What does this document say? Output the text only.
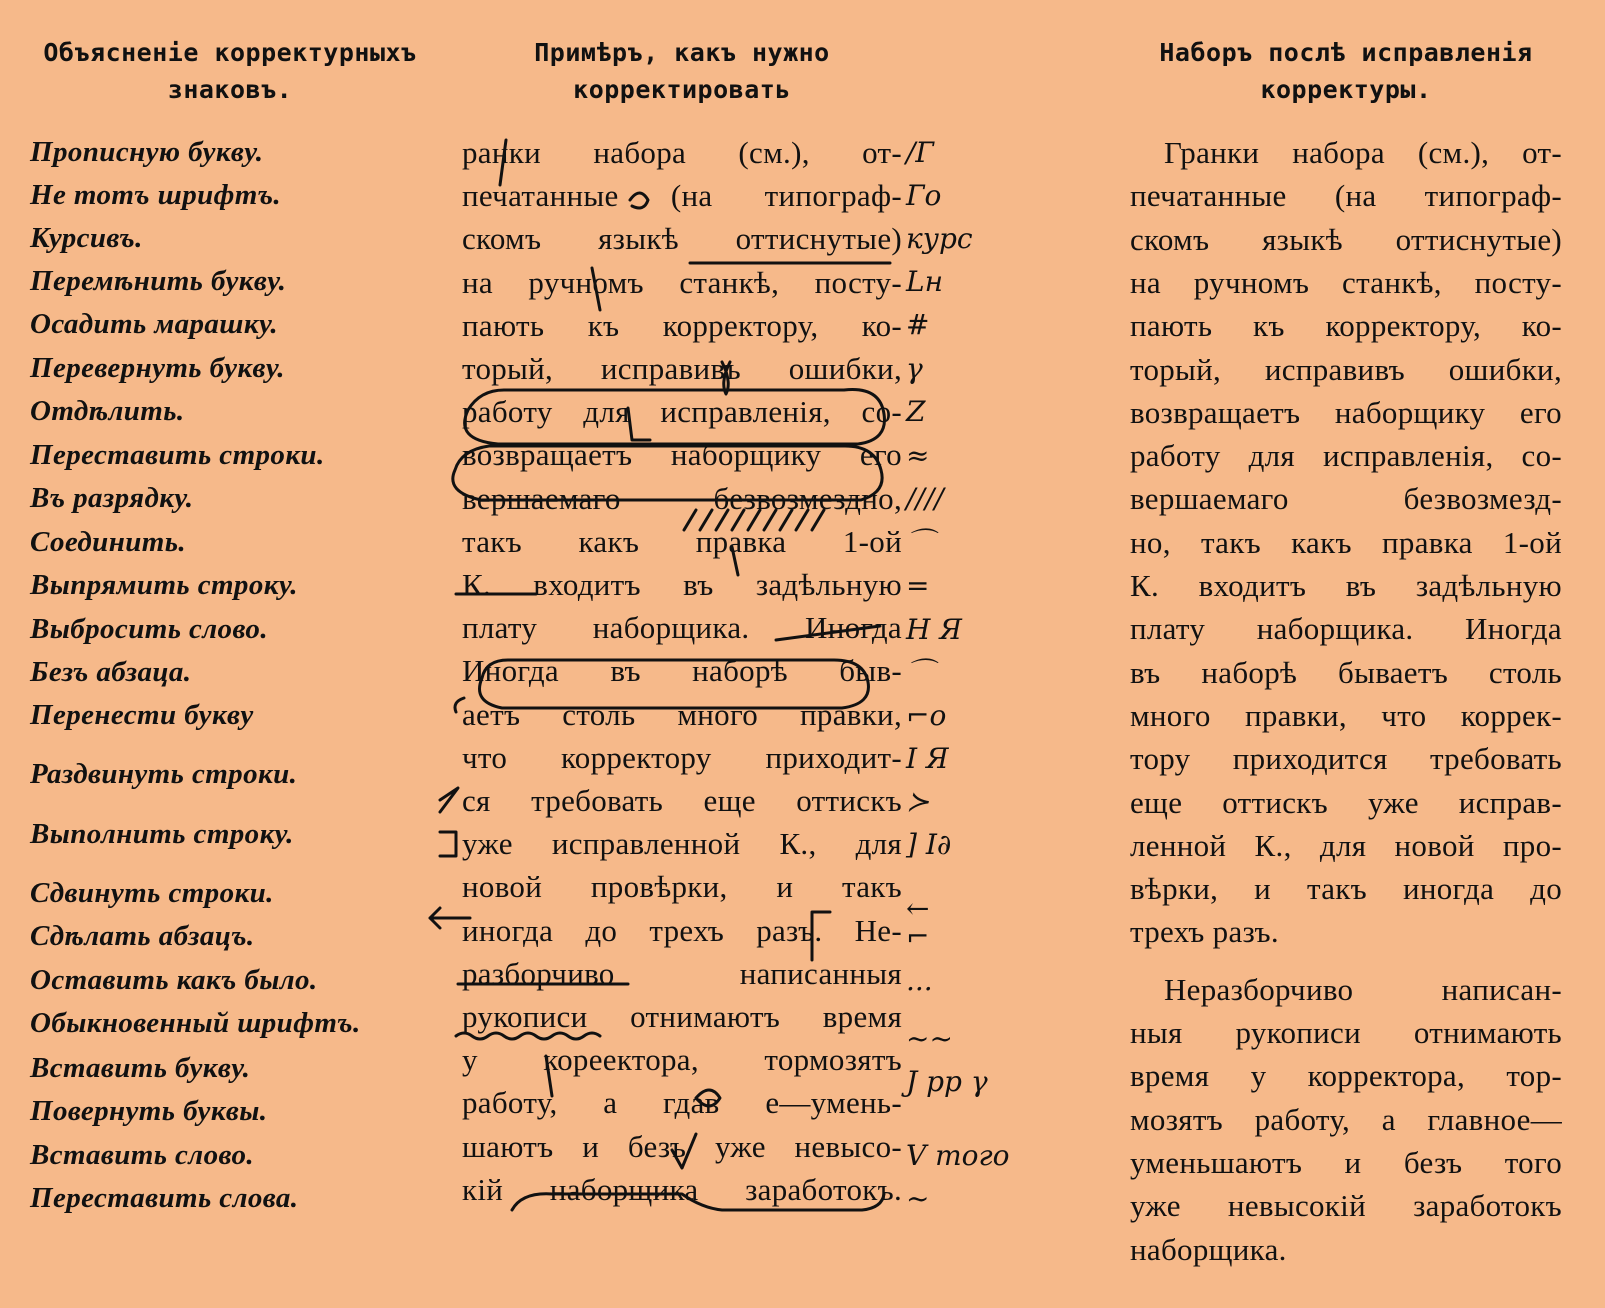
Объясненіе корректурныхъ
знаковъ.
Прописную букву.
Не тотъ шрифтъ.
Курсивъ.
Перемѣнить букву.
Осадить марашку.
Перевернуть букву.
Отдѣлить.
Переставить строки.
Въ разрядку.
Соединить.
Выпрямить строку.
Выбросить слово.
Безъ абзаца.
Перенести букву
Раздвинуть строки.
Выполнить строку.
Сдвинуть строки.
Сдѣлать абзацъ.
Оставить какъ было.
Обыкновенный шрифтъ.
Вставить букву.
Повернуть буквы.
Вставить слово.
Переставить слова.
Примѣръ, какъ нужно
корректировать
ранки набора (см.), от-
печатанные (на типограф-
скомъ языкѣ оттиснутые)
на ручномъ станкѣ, посту-
пають къ корректору, ко-
торый, исправивъ ошибки,
работу для исправленія, со-
возвращаетъ наборщику его
вершаемаго безвозмездно,
такъ какъ правка 1-ой
К. входитъ въ задѣльную
плату наборщика. Иногда
Иногда въ наборѣ быв-
аетъ столь много правки,
что корректору приходит-
ся требовать еще оттискъ
уже исправленной К., для
новой провѣрки, и такъ
иногда до трехъ разъ. Не-
разборчиво написанныя
рукописи отнимаютъ время
у кореектора, тормозятъ
работу, а гдав е—умень-
шаютъ и безъ уже невысо-
кій наборщика заработокъ.
/Г
Го
курс
Lн
#
γ
Z
≈
////
⌒
=
Н Я
⌒
⌐о
I Я
≻
] I∂
←
⌐
...
~~
J рр γ
V того
~
Наборъ послѣ исправленія
корректуры.
Гранки набора (см.), от-
печатанные (на типограф-
скомъ языкѣ оттиснутые)
на ручномъ станкѣ, посту-
пають къ корректору, ко-
торый, исправивъ ошибки,
возвращаетъ наборщику его
работу для исправленія, со-
вершаемаго безвозмезд-
но, такъ какъ правка 1-ой
К. входитъ въ задѣльную
плату наборщика. Иногда
въ наборѣ бываетъ столь
много правки, что коррек-
тору приходится требовать
еще оттискъ уже исправ-
ленной К., для новой про-
вѣрки, и такъ иногда до
трехъ разъ.
Неразборчиво написан-
ныя рукописи отнимають
время у корректора, тор-
мозятъ работу, а главное—
уменьшаютъ и безъ того
уже невысокій заработокъ
наборщика.
